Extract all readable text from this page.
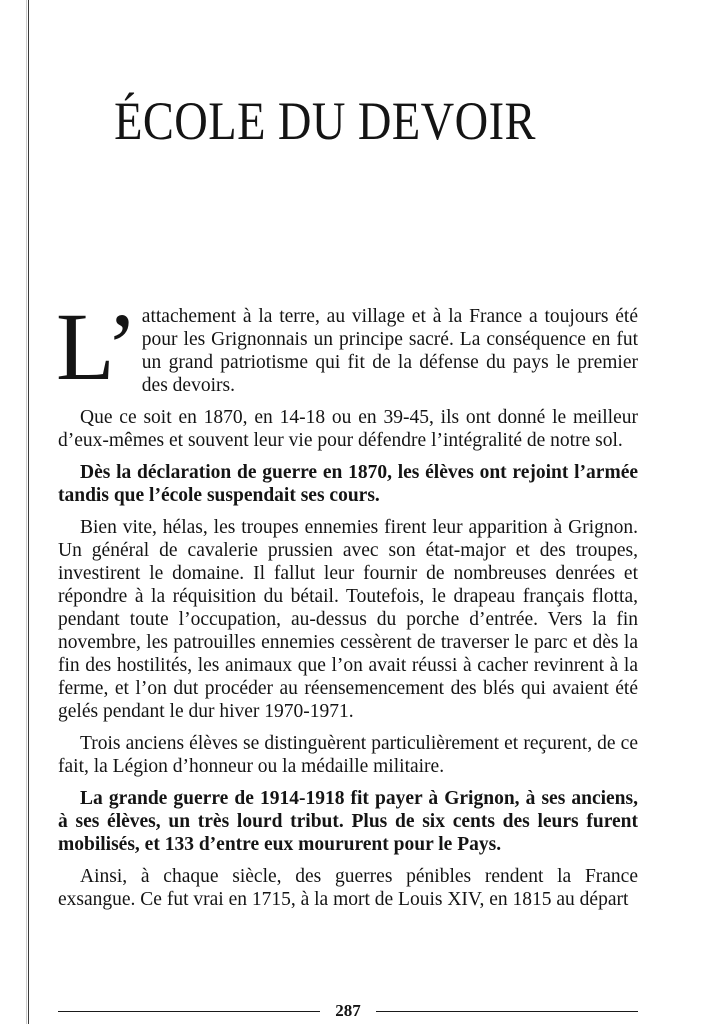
ÉCOLE DU DEVOIR

L’ attachement à la terre, au village et à la France a toujours été pour les Grignonnais un principe sacré. La conséquence en fut un grand patriotisme qui fit de la défense du pays le premier des devoirs.

Que ce soit en 1870, en 14-18 ou en 39-45, ils ont donné le meilleur d’eux-mêmes et souvent leur vie pour défendre l’intégralité de notre sol.

Dès la déclaration de guerre en 1870, les élèves ont rejoint l’armée tandis que l’école suspendait ses cours.

Bien vite, hélas, les troupes ennemies firent leur apparition à Grignon. Un général de cavalerie prussien avec son état-major et des troupes, investirent le domaine. Il fallut leur fournir de nombreuses denrées et répondre à la réquisition du bétail. Toutefois, le drapeau français flotta, pendant toute l’occupation, au-dessus du porche d’entrée. Vers la fin novembre, les patrouilles ennemies cessèrent de traverser le parc et dès la fin des hostilités, les animaux que l’on avait réussi à cacher revinrent à la ferme, et l’on dut procéder au réensemencement des blés qui avaient été gelés pendant le dur hiver 1970-1971.

Trois anciens élèves se distinguèrent particulièrement et reçurent, de ce fait, la Légion d’honneur ou la médaille militaire.

La grande guerre de 1914-1918 fit payer à Grignon, à ses anciens, à ses élèves, un très lourd tribut. Plus de six cents des leurs furent mobilisés, et 133 d’entre eux moururent pour le Pays.

Ainsi, à chaque siècle, des guerres pénibles rendent la France exsangue. Ce fut vrai en 1715, à la mort de Louis XIV, en 1815 au départ

287
